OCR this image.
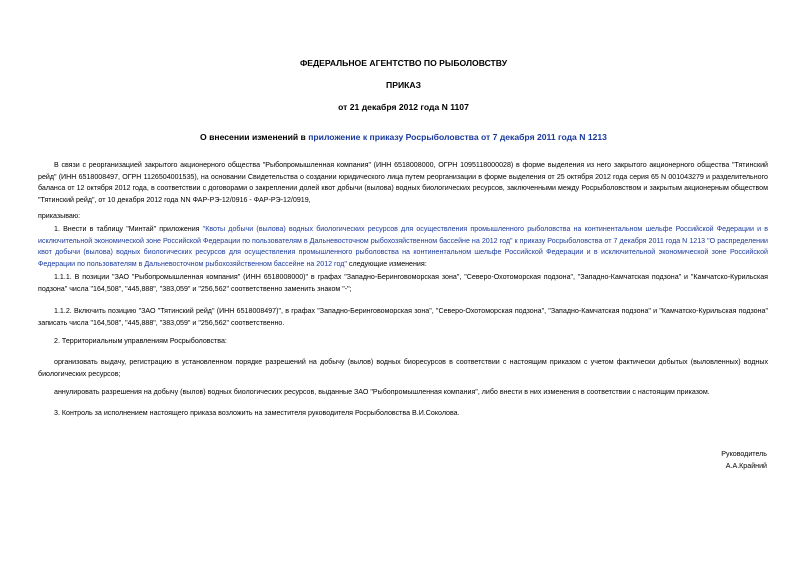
ФЕДЕРАЛЬНОЕ АГЕНТСТВО ПО РЫБОЛОВСТВУ
ПРИКАЗ
от 21 декабря 2012 года N 1107
О внесении изменений в приложение к приказу Росрыболовства от 7 декабря 2011 года N 1213

В связи с реорганизацией закрытого акционерного общества "Рыбопромышленная компания" (ИНН 6518008000, ОГРН 1095118000028) в форме выделения из него закрытого акционерного общества "Тятинский рейд" (ИНН 6518008497, ОГРН 1126504001535), на основании Свидетельства о создании юридического лица путем реорганизации в форме выделения от 25 октября 2012 года серия 65 N 001043279 и разделительного баланса от 12 октября 2012 года, в соответствии с договорами о закреплении долей квот добычи (вылова) водных биологических ресурсов, заключенными между Росрыболовством и закрытым акционерным обществом "Тятинский рейд", от 10 декабря 2012 года NN ФАР-РЭ-12/0916 - ФАР-РЭ-12/0919,

приказываю:

1. Внести в таблицу "Минтай" приложения "Квоты добычи (вылова) водных биологических ресурсов для осуществления промышленного рыболовства на континентальном шельфе Российской Федерации и в исключительной экономической зоне Российской Федерации по пользователям в Дальневосточном рыбохозяйственном бассейне на 2012 год" к приказу Росрыболовства от 7 декабря 2011 года N 1213 "О распределении квот добычи (вылова) водных биологических ресурсов для осуществления промышленного рыболовства на континентальном шельфе Российской Федерации и в исключительной экономической зоне Российской Федерации по пользователям в Дальневосточном рыбохозяйственном бассейне на 2012 год" следующие изменения:

1.1.1. В позиции "ЗАО "Рыбопромышленная компания" (ИНН 6518008000)" в графах "Западно-Беринговоморская зона", "Северо-Охотоморская подзона", "Западно-Камчатская подзона" и "Камчатско-Курильская подзона" числа "164,508", "445,888", "383,059" и "256,562" соответственно заменить знаком "-";

1.1.2. Включить позицию "ЗАО "Тятинский рейд" (ИНН 6518008497)", в графах "Западно-Беринговоморская зона", "Северо-Охотоморская подзона", "Западно-Камчатская подзона" и "Камчатско-Курильская подзона" записать числа "164,508", "445,888", "383,059" и "256,562" соответственно.

2. Территориальным управлениям Росрыболовства:

организовать выдачу, регистрацию в установленном порядке разрешений на добычу (вылов) водных биоресурсов в соответствии с настоящим приказом с учетом фактически добытых (выловленных) водных биологических ресурсов;

аннулировать разрешения на добычу (вылов) водных биологических ресурсов, выданные ЗАО "Рыбопромышленная компания", либо внести в них изменения в соответствии с настоящим приказом.

3. Контроль за исполнением настоящего приказа возложить на заместителя руководителя Росрыболовства В.И.Соколова.

Руководитель
А.А.Крайний
